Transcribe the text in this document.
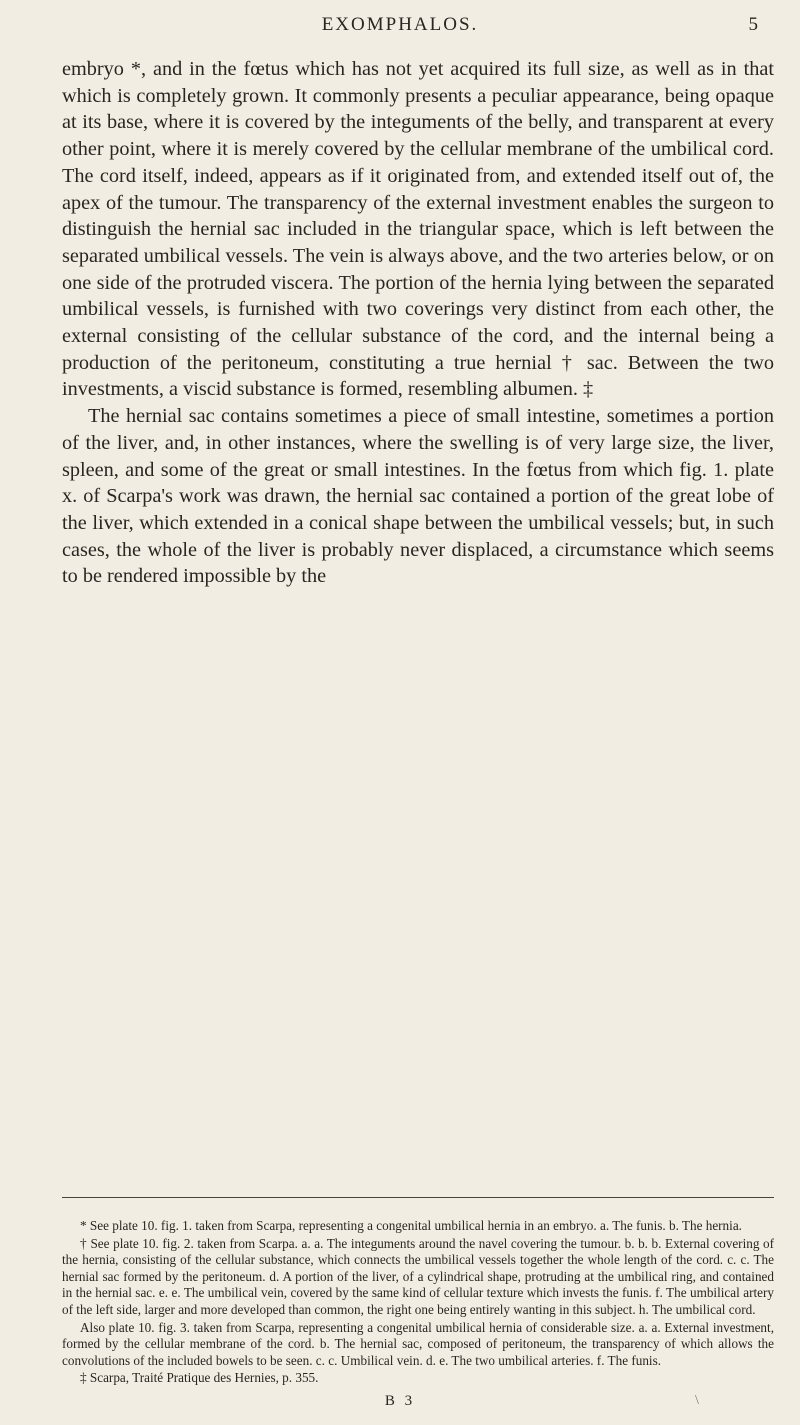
EXOMPHALOS.	5

embryo *, and in the fœtus which has not yet acquired its full size, as well as in that which is completely grown. It commonly presents a peculiar appearance, being opaque at its base, where it is covered by the integuments of the belly, and transparent at every other point, where it is merely covered by the cellular membrane of the umbilical cord. The cord itself, indeed, appears as if it originated from, and extended itself out of, the apex of the tumour. The transparency of the external investment enables the surgeon to distinguish the hernial sac included in the triangular space, which is left between the separated umbilical vessels. The vein is always above, and the two arteries below, or on one side of the protruded viscera. The portion of the hernia lying between the separated umbilical vessels, is furnished with two coverings very distinct from each other, the external consisting of the cellular substance of the cord, and the internal being a production of the peritoneum, constituting a true hernial † sac. Between the two investments, a viscid substance is formed, resembling albumen. ‡

The hernial sac contains sometimes a piece of small intestine, sometimes a portion of the liver, and, in other instances, where the swelling is of very large size, the liver, spleen, and some of the great or small intestines. In the fœtus from which fig. 1. plate x. of Scarpa's work was drawn, the hernial sac contained a portion of the great lobe of the liver, which extended in a conical shape between the umbilical vessels; but, in such cases, the whole of the liver is probably never displaced, a circumstance which seems to be rendered impossible by the

* See plate 10. fig. 1. taken from Scarpa, representing a congenital umbilical hernia in an embryo. a. The funis. b. The hernia.

† See plate 10. fig. 2. taken from Scarpa. a. a. The integuments around the navel covering the tumour. b. b. b. External covering of the hernia, consisting of the cellular substance, which connects the umbilical vessels together the whole length of the cord. c. c. The hernial sac formed by the peritoneum. d. A portion of the liver, of a cylindrical shape, protruding at the umbilical ring, and contained in the hernial sac. e. e. The umbilical vein, covered by the same kind of cellular texture which invests the funis. f. The umbilical artery of the left side, larger and more developed than common, the right one being entirely wanting in this subject. h. The umbilical cord.

Also plate 10. fig. 3. taken from Scarpa, representing a congenital umbilical hernia of considerable size. a. a. External investment, formed by the cellular membrane of the cord. b. The hernial sac, composed of peritoneum, the transparency of which allows the convolutions of the included bowels to be seen. c. c. Umbilical vein. d. e. The two umbilical arteries. f. The funis.

‡ Scarpa, Traité Pratique des Hernies, p. 355.

B 3	\
